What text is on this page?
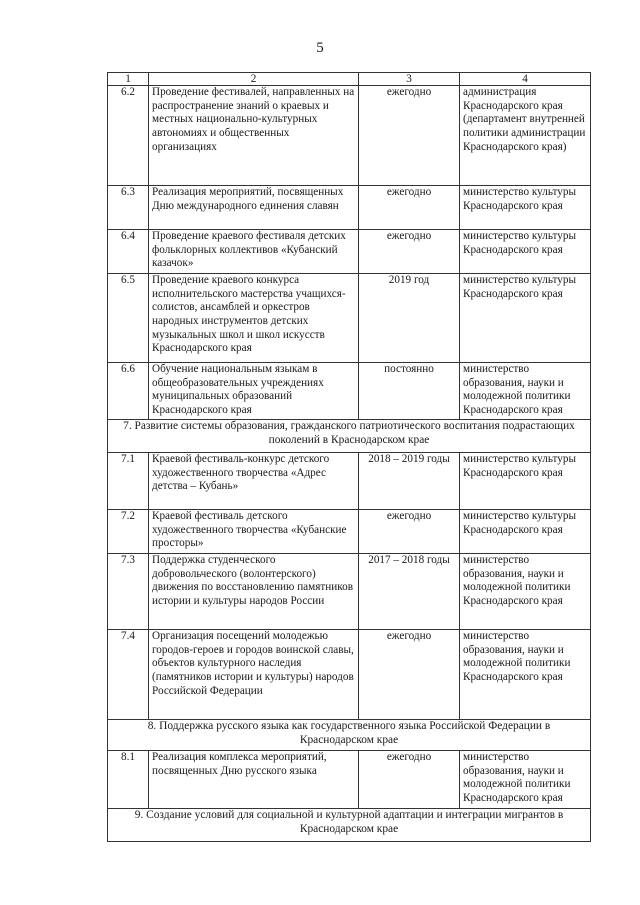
5
1	2	3	4
6.2	Проведение фестивалей, направленных на распространение знаний о краевых и местных национально-культурных автономиях и общественных организациях	ежегодно	администрация Краснодарского края (департамент внутренней политики администрации Краснодарского края)
6.3	Реализация мероприятий, посвященных Дню международного единения славян	ежегодно	министерство культуры Краснодарского края
6.4	Проведение краевого фестиваля детских фольклорных коллективов «Кубанский казачок»	ежегодно	министерство культуры Краснодарского края
6.5	Проведение краевого конкурса исполнительского мастерства учащихся-солистов, ансамблей и оркестров народных инструментов детских музыкальных школ и школ искусств Краснодарского края	2019 год	министерство культуры Краснодарского края
6.6	Обучение национальным языкам в общеобразовательных учреждениях муниципальных образований Краснодарского края	постоянно	министерство образования, науки и молодежной политики Краснодарского края
7. Развитие системы образования, гражданского патриотического воспитания подрастающих поколений в Краснодарском крае			
7.1	Краевой фестиваль-конкурс детского художественного творчества «Адрес детства – Кубань»	2018 – 2019 годы	министерство культуры Краснодарского края
7.2	Краевой фестиваль детского художественного творчества «Кубанские просторы»	ежегодно	министерство культуры Краснодарского края
7.3	Поддержка студенческого добровольческого (волонтерского) движения по восстановлению памятников истории и культуры народов России	2017 – 2018 годы	министерство образования, науки и молодежной политики Краснодарского края
7.4	Организация посещений молодежью городов-героев и городов воинской славы, объектов культурного наследия (памятников истории и культуры) народов Российской Федерации	ежегодно	министерство образования, науки и молодежной политики Краснодарского края
8. Поддержка русского языка как государственного языка Российской Федерации в Краснодарском крае			
8.1	Реализация комплекса мероприятий, посвященных Дню русского языка	ежегодно	министерство образования, науки и молодежной политики Краснодарского края
9. Создание условий для социальной и культурной адаптации и интеграции мигрантов в Краснодарском крае			
